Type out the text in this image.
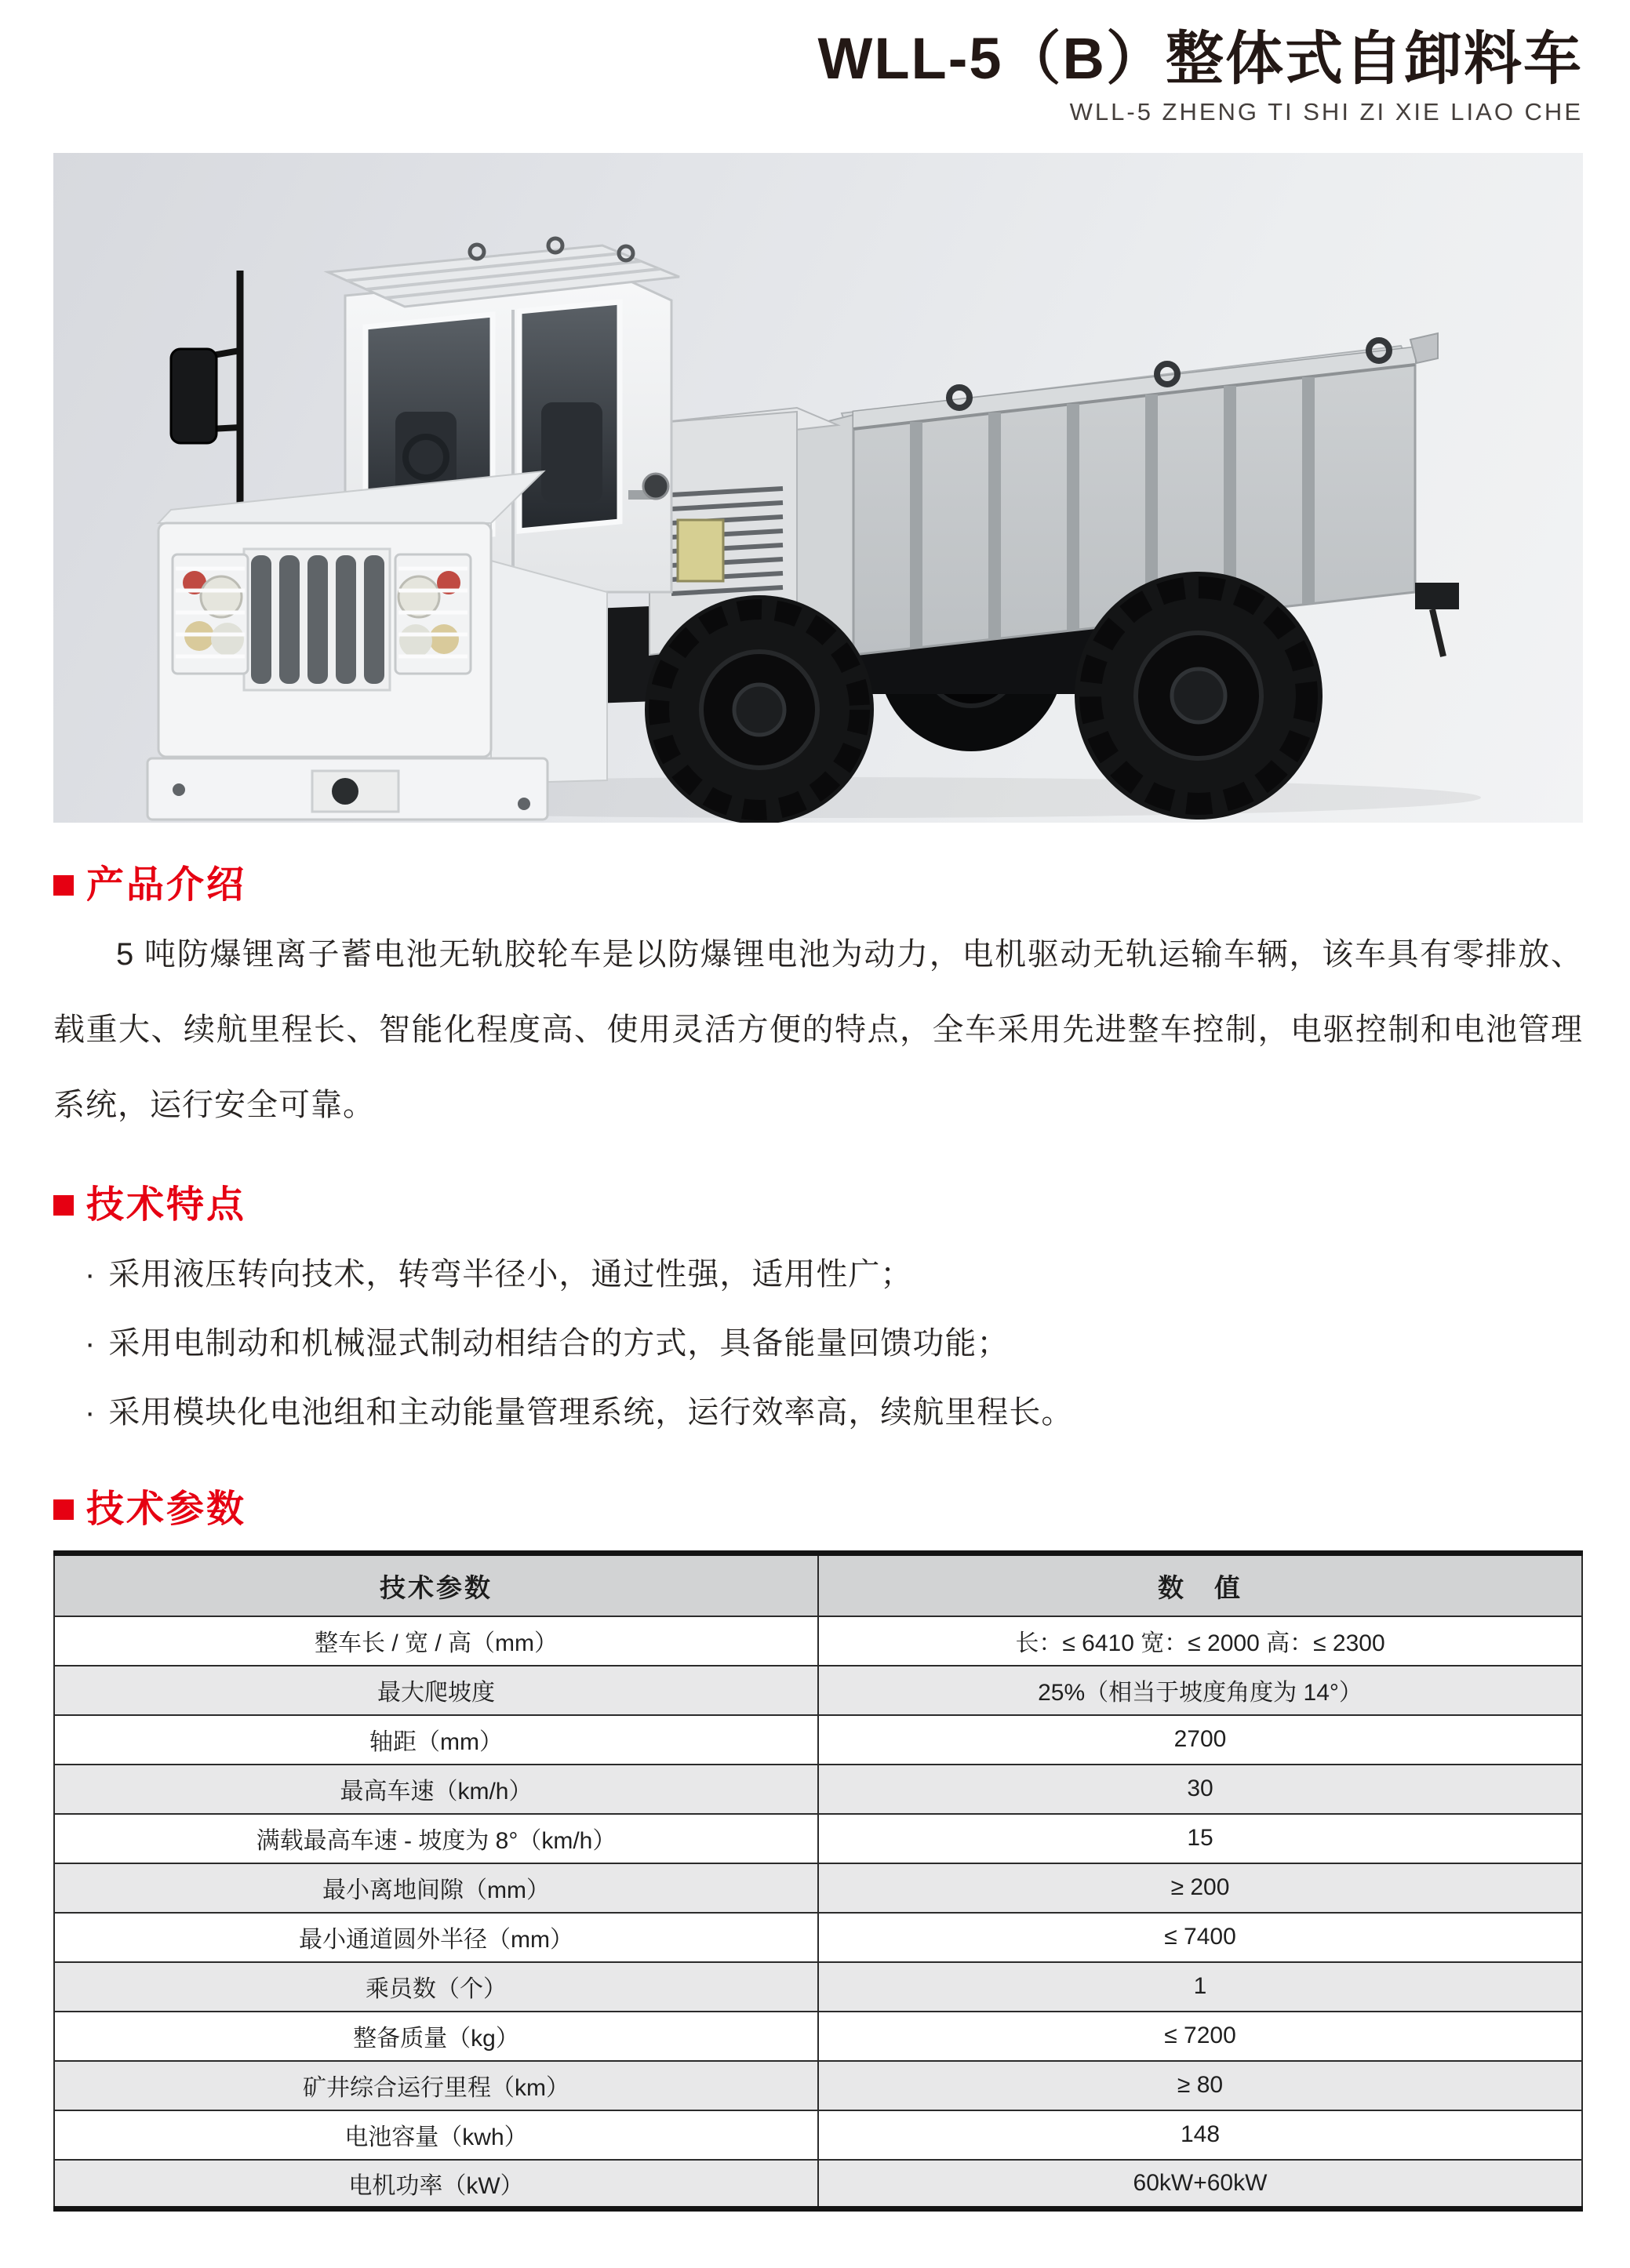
WLL-5（B）整体式自卸料车
WLL-5 ZHENG TI SHI ZI XIE LIAO CHE
产品介绍

5 吨防爆锂离子蓄电池无轨胶轮车是以防爆锂电池为动力，电机驱动无轨运输车辆，该车具有零排放、载重大、续航里程长、智能化程度高、使用灵活方便的特点，全车采用先进整车控制，电驱控制和电池管理系统，运行安全可靠。

技术特点
· 采用液压转向技术，转弯半径小，通过性强，适用性广；
· 采用电制动和机械湿式制动相结合的方式，具备能量回馈功能；
· 采用模块化电池组和主动能量管理系统，运行效率高，续航里程长。
技术参数
技术参数	数　值
整车长 / 宽 / 高（mm）	长：≤ 6410 宽：≤ 2000 高：≤ 2300
最大爬坡度	25%（相当于坡度角度为 14°）
轴距（mm）	2700
最高车速（km/h）	30
满载最高车速 - 坡度为 8°（km/h）	15
最小离地间隙（mm）	≥ 200
最小通道圆外半径（mm）	≤ 7400
乘员数（个）	1
整备质量（kg）	≤ 7200
矿井综合运行里程（km）	≥ 80
电池容量（kwh）	148
电机功率（kW）	60kW+60kW
